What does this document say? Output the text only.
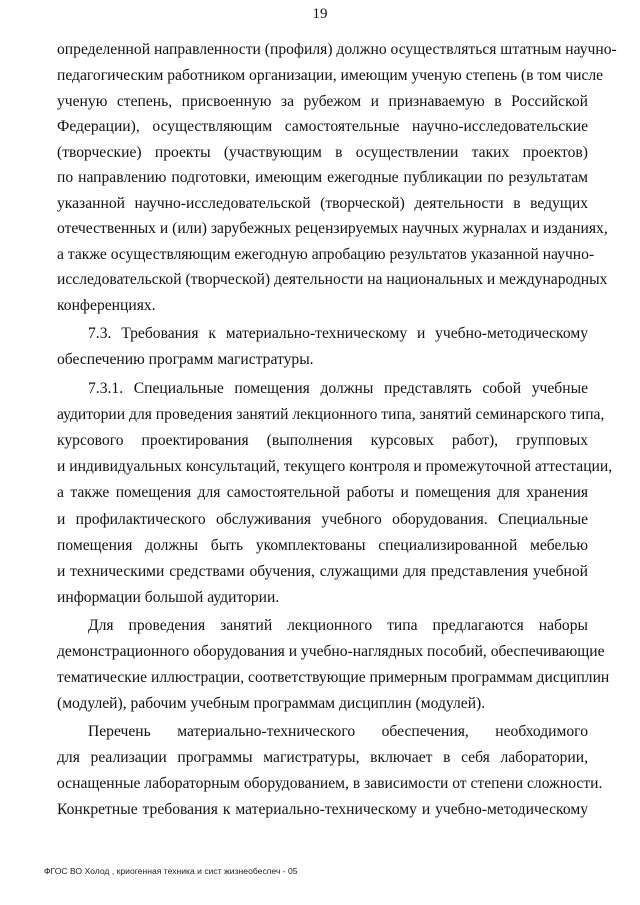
19
определенной направленности (профиля) должно осуществляться штатным научно-
педагогическим работником организации, имеющим ученую степень (в том числе
ученую степень, присвоенную за рубежом и признаваемую в Российской
Федерации), осуществляющим самостоятельные научно-исследовательские
(творческие) проекты (участвующим в осуществлении таких проектов)
по направлению подготовки, имеющим ежегодные публикации по результатам
указанной научно-исследовательской (творческой) деятельности в ведущих
отечественных и (или) зарубежных рецензируемых научных журналах и изданиях,
а также осуществляющим ежегодную апробацию результатов указанной научно-
исследовательской (творческой) деятельности на национальных и международных
конференциях.
7.3. Требования к материально-техническому и учебно-методическому
обеспечению программ магистратуры.
7.3.1. Специальные помещения должны представлять собой учебные
аудитории для проведения занятий лекционного типа, занятий семинарского типа,
курсового проектирования (выполнения курсовых работ), групповых
и индивидуальных консультаций, текущего контроля и промежуточной аттестации,
а также помещения для самостоятельной работы и помещения для хранения
и профилактического обслуживания учебного оборудования. Специальные
помещения должны быть укомплектованы специализированной мебелью
и техническими средствами обучения, служащими для представления учебной
информации большой аудитории.
Для проведения занятий лекционного типа предлагаются наборы
демонстрационного оборудования и учебно-наглядных пособий, обеспечивающие
тематические иллюстрации, соответствующие примерным программам дисциплин
(модулей), рабочим учебным программам дисциплин (модулей).
Перечень материально-технического обеспечения, необходимого
для реализации программы магистратуры, включает в себя лаборатории,
оснащенные лабораторным оборудованием, в зависимости от степени сложности.
Конкретные требования к материально-техническому и учебно-методическому
ФГОС ВО Холод , криогенная техника и сист жизнеобеспеч - 05
